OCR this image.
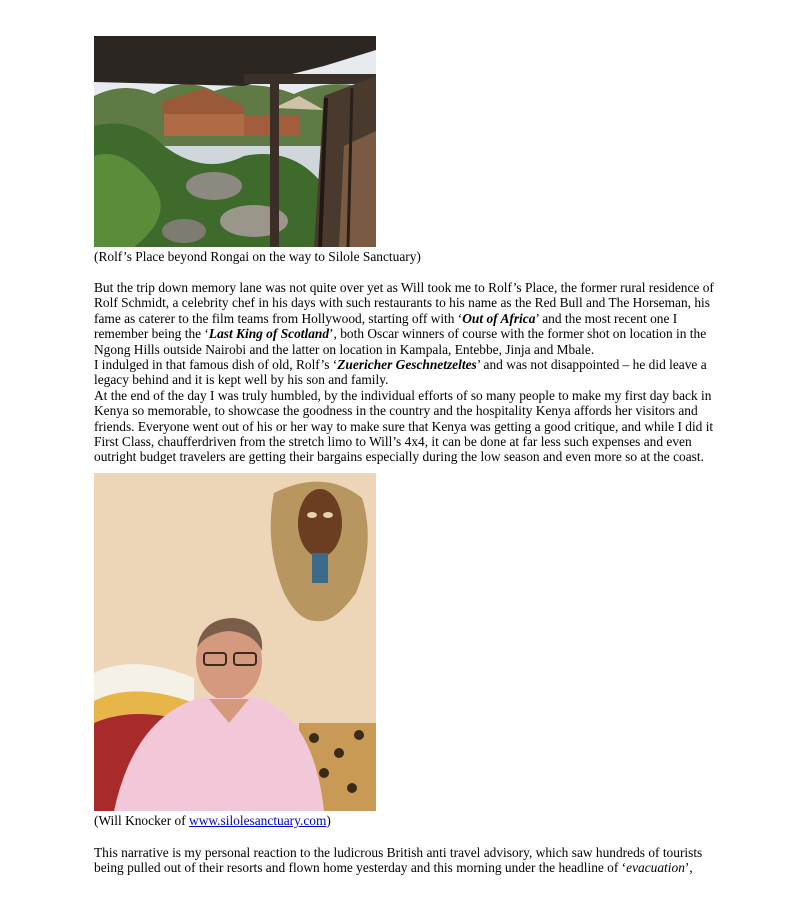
(Rolf’s Place beyond Rongai on the way to Silole Sanctuary)

But the trip down memory lane was not quite over yet as Will took me to Rolf’s Place, the former rural residence of
Rolf Schmidt, a celebrity chef in his days with such restaurants to his name as the Red Bull and The Horseman, his
fame as caterer to the film teams from Hollywood, starting off with ‘Out of Africa’ and the most recent one I
remember being the ‘Last King of Scotland’, both Oscar winners of course with the former shot on location in the
Ngong Hills outside Nairobi and the latter on location in Kampala, Entebbe, Jinja and Mbale.

I indulged in that famous dish of old, Rolf’s ‘Zuericher Geschnetzeltes’ and was not disappointed – he did leave a
legacy behind and it is kept well by his son and family.

At the end of the day I was truly humbled, by the individual efforts of so many people to make my first day back in
Kenya so memorable, to showcase the goodness in the country and the hospitality Kenya affords her visitors and
friends. Everyone went out of his or her way to make sure that Kenya was getting a good critique, and while I did it
First Class, chaufferdriven from the stretch limo to Will’s 4x4, it can be done at far less such expenses and even
outright budget travelers are getting their bargains especially during the low season and even more so at the coast.

(Will Knocker of www.silolesanctuary.com)

This narrative is my personal reaction to the ludicrous British anti travel advisory, which saw hundreds of tourists
being pulled out of their resorts and flown home yesterday and this morning under the headline of ‘evacuation’,
